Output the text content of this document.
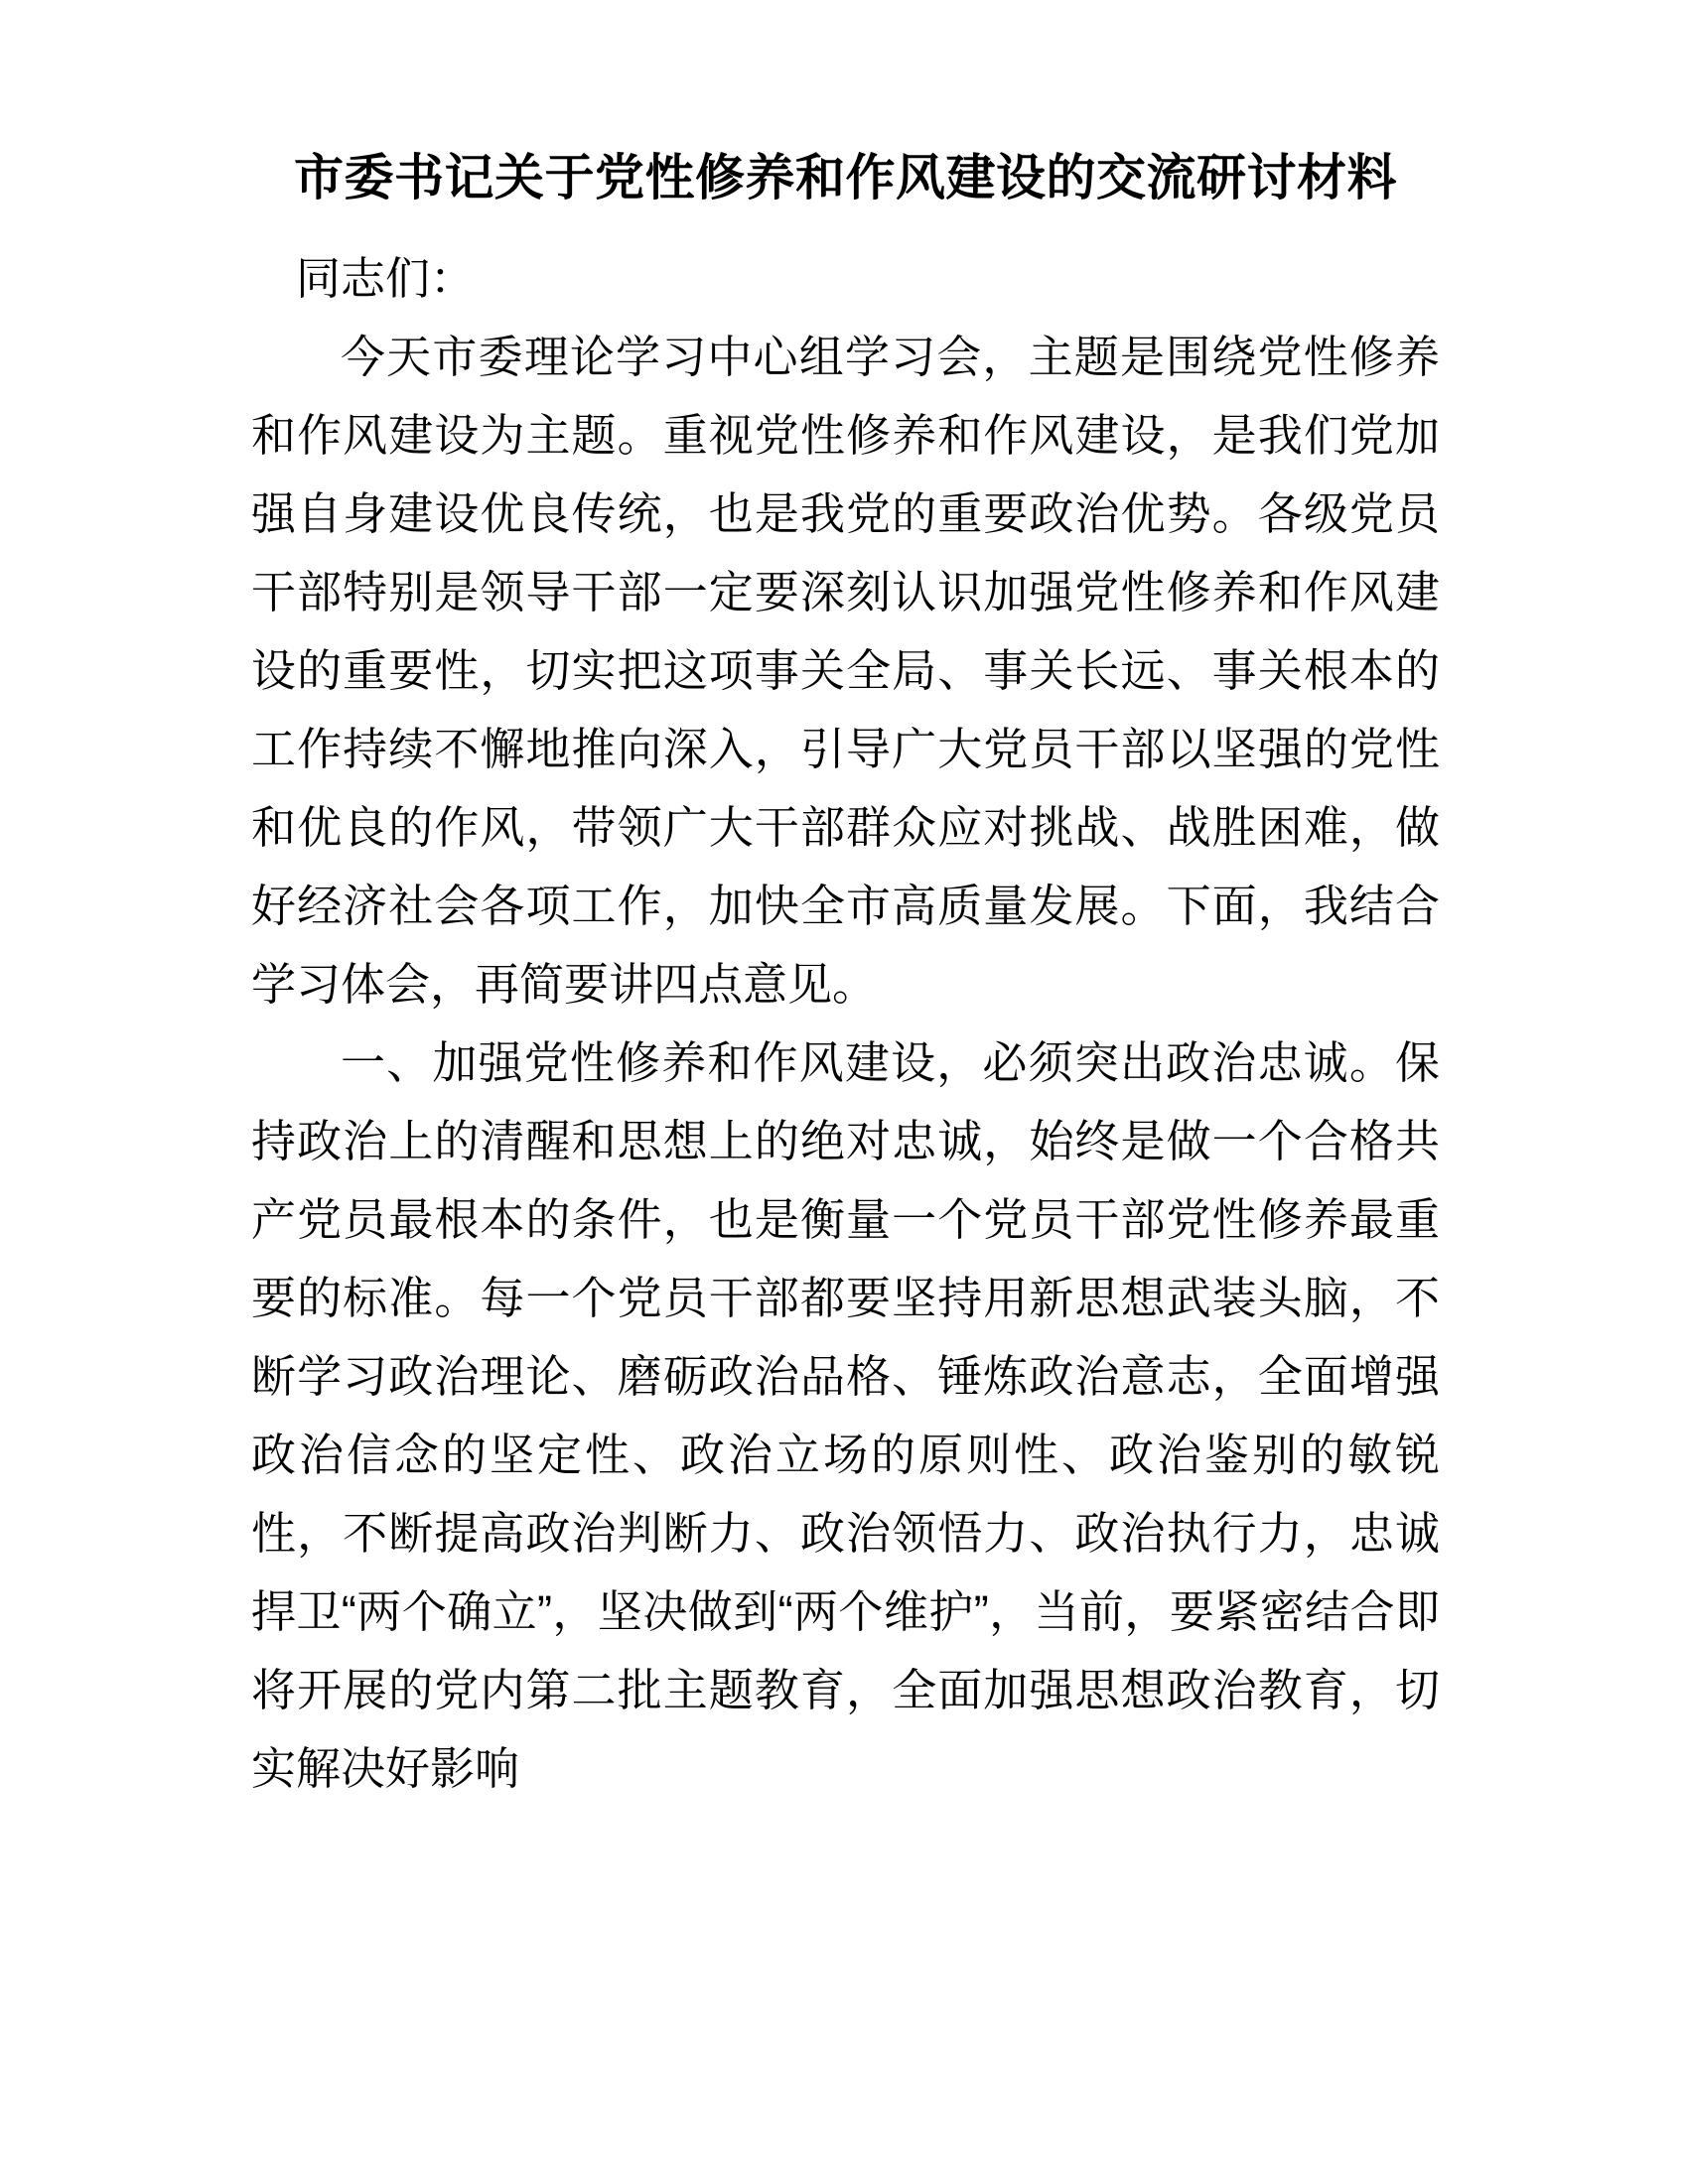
市委书记关于党性修养和作风建设的交流研讨材料

同志们：

今天市委理论学习中心组学习会，主题是围绕党性修养和作风建设为主题。重视党性修养和作风建设，是我们党加强自身建设优良传统，也是我党的重要政治优势。各级党员干部特别是领导干部一定要深刻认识加强党性修养和作风建设的重要性，切实把这项事关全局、事关长远、事关根本的工作持续不懈地推向深入，引导广大党员干部以坚强的党性和优良的作风，带领广大干部群众应对挑战、战胜困难，做好经济社会各项工作，加快全市高质量发展。下面，我结合学习体会，再简要讲四点意见。

一、加强党性修养和作风建设，必须突出政治忠诚。保持政治上的清醒和思想上的绝对忠诚，始终是做一个合格共产党员最根本的条件，也是衡量一个党员干部党性修养最重要的标准。每一个党员干部都要坚持用新思想武装头脑，不断学习政治理论、磨砺政治品格、锤炼政治意志，全面增强政治信念的坚定性、政治立场的原则性、政治鉴别的敏锐性，不断提高政治判断力、政治领悟力、政治执行力，忠诚捍卫“两个确立”，坚决做到“两个维护”，当前，要紧密结合即将开展的党内第二批主题教育，全面加强思想政治教育，切实解决好影响
